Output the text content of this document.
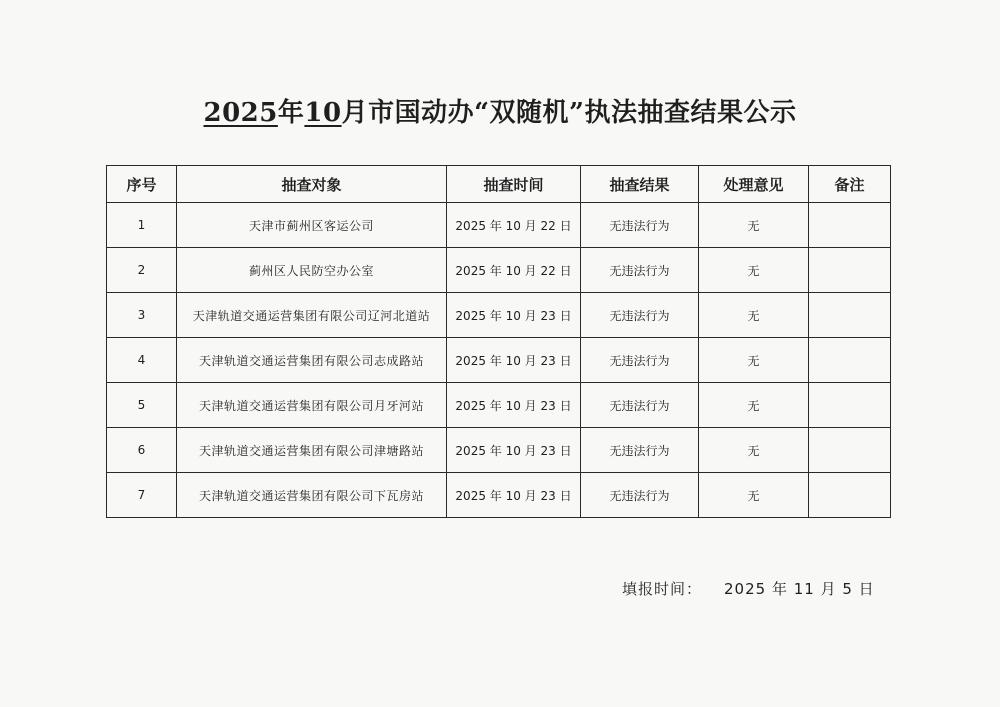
2025年10月市国动办“双随机”执法抽查结果公示
序号	抽查对象	抽查时间	抽查结果	处理意见	备注
1	天津市蓟州区客运公司	2025 年 10 月 22 日	无违法行为	无	
2	蓟州区人民防空办公室	2025 年 10 月 22 日	无违法行为	无	
3	天津轨道交通运营集团有限公司辽河北道站	2025 年 10 月 23 日	无违法行为	无	
4	天津轨道交通运营集团有限公司志成路站	2025 年 10 月 23 日	无违法行为	无	
5	天津轨道交通运营集团有限公司月牙河站	2025 年 10 月 23 日	无违法行为	无	
6	天津轨道交通运营集团有限公司津塘路站	2025 年 10 月 23 日	无违法行为	无	
7	天津轨道交通运营集团有限公司下瓦房站	2025 年 10 月 23 日	无违法行为	无	
填报时间： 2025 年 11 月 5 日
